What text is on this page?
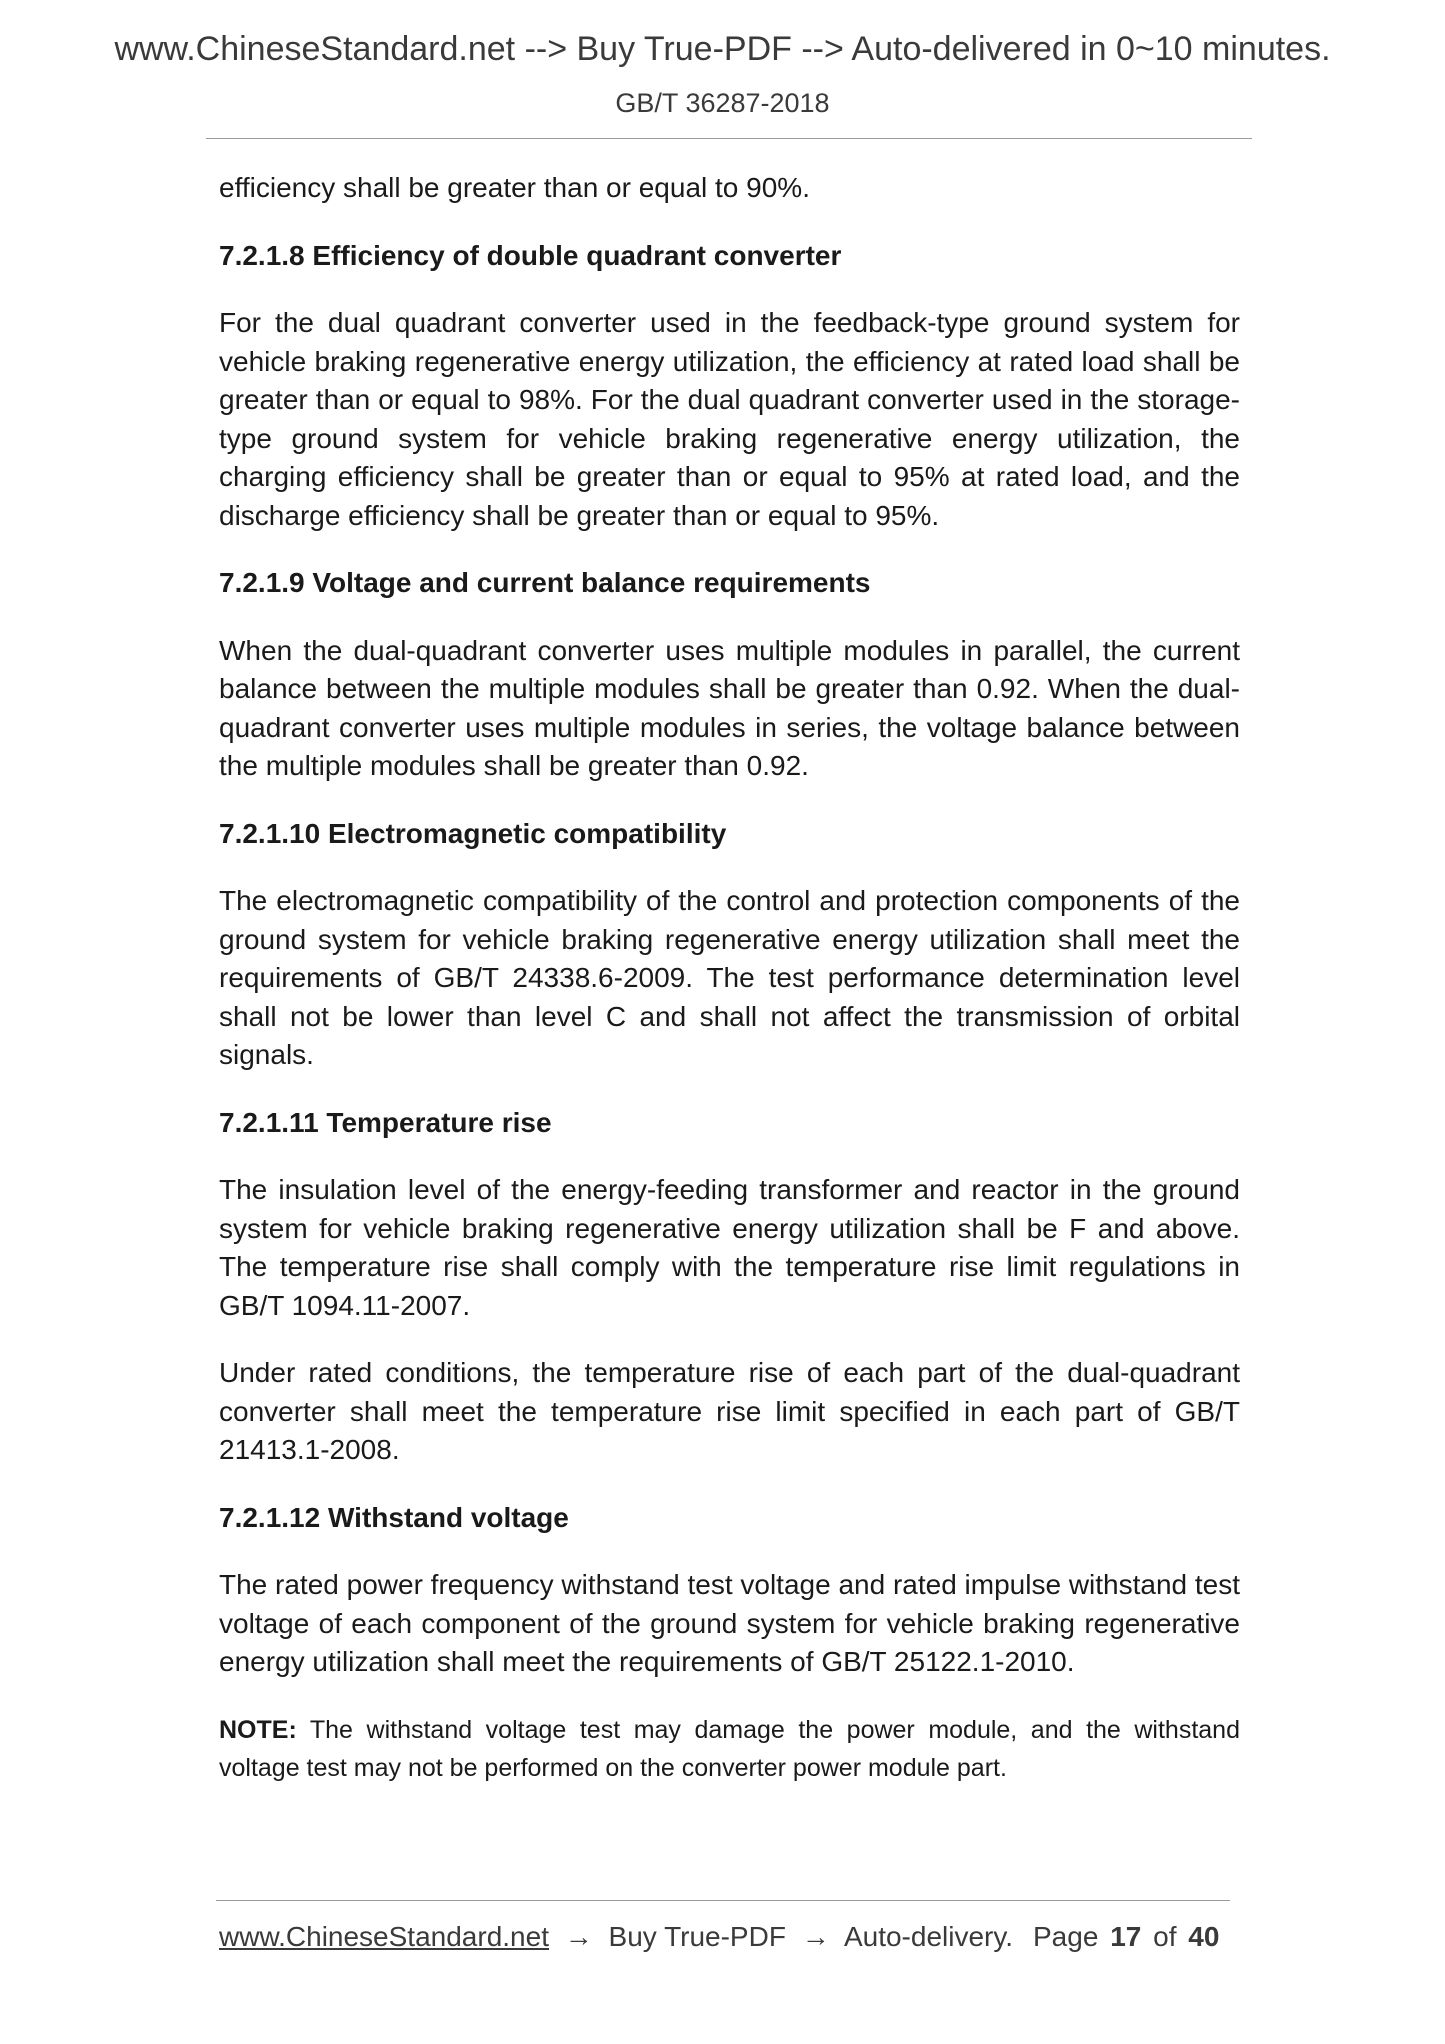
www.ChineseStandard.net --> Buy True-PDF --> Auto-delivered in 0~10 minutes.
GB/T 36287-2018

efficiency shall be greater than or equal to 90%.

7.2.1.8 Efficiency of double quadrant converter

For the dual quadrant converter used in the feedback-type ground system for vehicle braking regenerative energy utilization, the efficiency at rated load shall be greater than or equal to 98%. For the dual quadrant converter used in the storage-type ground system for vehicle braking regenerative energy utilization, the charging efficiency shall be greater than or equal to 95% at rated load, and the discharge efficiency shall be greater than or equal to 95%.

7.2.1.9 Voltage and current balance requirements

When the dual-quadrant converter uses multiple modules in parallel, the current balance between the multiple modules shall be greater than 0.92. When the dual-quadrant converter uses multiple modules in series, the voltage balance between the multiple modules shall be greater than 0.92.

7.2.1.10 Electromagnetic compatibility

The electromagnetic compatibility of the control and protection components of the ground system for vehicle braking regenerative energy utilization shall meet the requirements of GB/T 24338.6-2009. The test performance determination level shall not be lower than level C and shall not affect the transmission of orbital signals.

7.2.1.11 Temperature rise

The insulation level of the energy-feeding transformer and reactor in the ground system for vehicle braking regenerative energy utilization shall be F and above. The temperature rise shall comply with the temperature rise limit regulations in GB/T 1094.11-2007.

Under rated conditions, the temperature rise of each part of the dual-quadrant converter shall meet the temperature rise limit specified in each part of GB/T 21413.1-2008.

7.2.1.12 Withstand voltage

The rated power frequency withstand test voltage and rated impulse withstand test voltage of each component of the ground system for vehicle braking regenerative energy utilization shall meet the requirements of GB/T 25122.1-2010.

NOTE: The withstand voltage test may damage the power module, and the withstand voltage test may not be performed on the converter power module part.

www.ChineseStandard.net → Buy True-PDF → Auto-delivery. Page 17 of 40
